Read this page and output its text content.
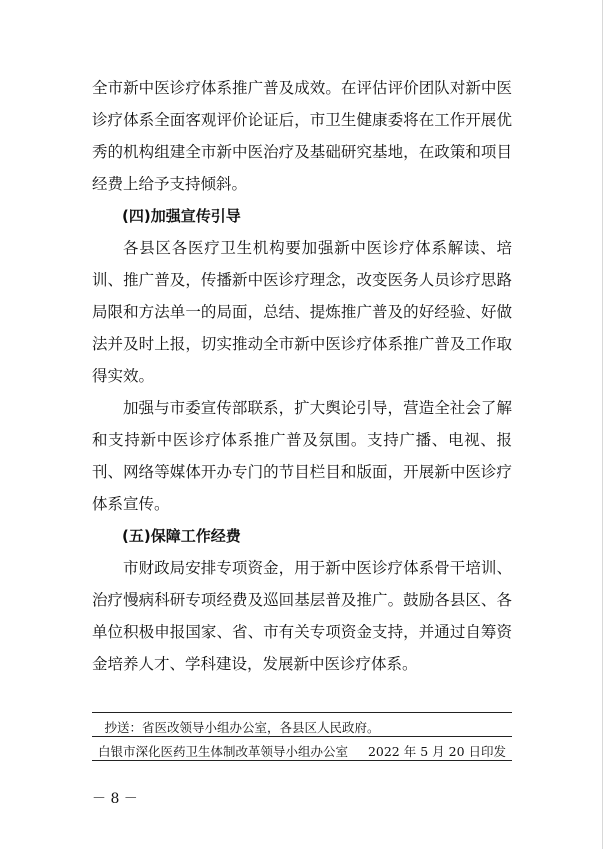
全市新中医诊疗体系推广普及成效。在评估评价团队对新中医诊疗体系全面客观评价论证后，市卫生健康委将在工作开展优秀的机构组建全市新中医治疗及基础研究基地，在政策和项目经费上给予支持倾斜。

(四)加强宣传引导

各县区各医疗卫生机构要加强新中医诊疗体系解读、培训、推广普及，传播新中医诊疗理念，改变医务人员诊疗思路局限和方法单一的局面，总结、提炼推广普及的好经验、好做法并及时上报，切实推动全市新中医诊疗体系推广普及工作取得实效。

加强与市委宣传部联系，扩大舆论引导，营造全社会了解和支持新中医诊疗体系推广普及氛围。支持广播、电视、报刊、网络等媒体开办专门的节目栏目和版面，开展新中医诊疗体系宣传。

(五)保障工作经费

市财政局安排专项资金，用于新中医诊疗体系骨干培训、治疗慢病科研专项经费及巡回基层普及推广。鼓励各县区、各单位积极申报国家、省、市有关专项资金支持，并通过自筹资金培养人才、学科建设，发展新中医诊疗体系。

抄送：省医改领导小组办公室，各县区人民政府。
白银市深化医药卫生体制改革领导小组办公室 2022 年 5 月 20 日印发
－ 8 －
